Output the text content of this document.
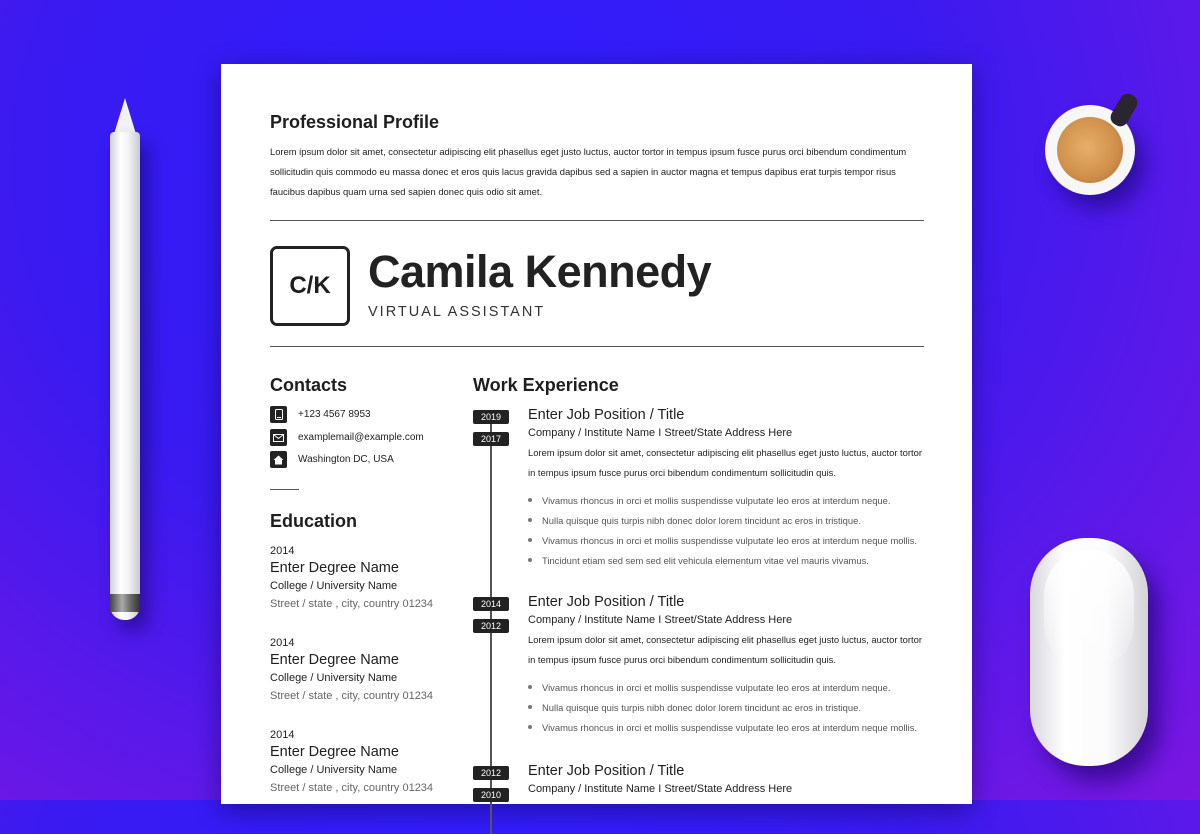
Professional Profile
Lorem ipsum dolor sit amet, consectetur adipiscing elit phasellus eget justo luctus, auctor tortor in tempus ipsum fusce purus orci bibendum condimentum sollicitudin quis commodo eu massa donec et eros quis lacus gravida dapibus sed a sapien in auctor magna et tempus dapibus erat turpis tempor risus faucibus dapibus quam urna sed sapien donec quis odio sit amet.
C/K Camila Kennedy
VIRTUAL ASSISTANT
Contacts
+123 4567 8953
examplemail@example.com
Washington DC, USA
Education
2014
Enter Degree Name
College / University Name
Street / state , city, country 01234
2014
Enter Degree Name
College / University Name
Street / state , city, country 01234
2014
Enter Degree Name
College / University Name
Street / state , city, country 01234
Work Experience
2019
2017
Enter Job Position / Title
Company / Institute Name I Street/State Address Here
Lorem ipsum dolor sit amet, consectetur adipiscing elit phasellus eget justo luctus, auctor tortor in tempus ipsum fusce purus orci bibendum condimentum sollicitudin quis.
Vivamus rhoncus in orci et mollis suspendisse vulputate leo eros at interdum neque.
Nulla quisque quis turpis nibh donec dolor lorem tincidunt ac eros in tristique.
Vivamus rhoncus in orci et mollis suspendisse vulputate leo eros at interdum neque mollis.
Tincidunt etiam sed sem sed elit vehicula elementum vitae vel mauris vivamus.
2014
2012
Enter Job Position / Title
Company / Institute Name I Street/State Address Here
Lorem ipsum dolor sit amet, consectetur adipiscing elit phasellus eget justo luctus, auctor tortor in tempus ipsum fusce purus orci bibendum condimentum sollicitudin quis.
Vivamus rhoncus in orci et mollis suspendisse vulputate leo eros at interdum neque.
Nulla quisque quis turpis nibh donec dolor lorem tincidunt ac eros in tristique.
Vivamus rhoncus in orci et mollis suspendisse vulputate leo eros at interdum neque mollis.
2012
2010
Enter Job Position / Title
Company / Institute Name I Street/State Address Here
